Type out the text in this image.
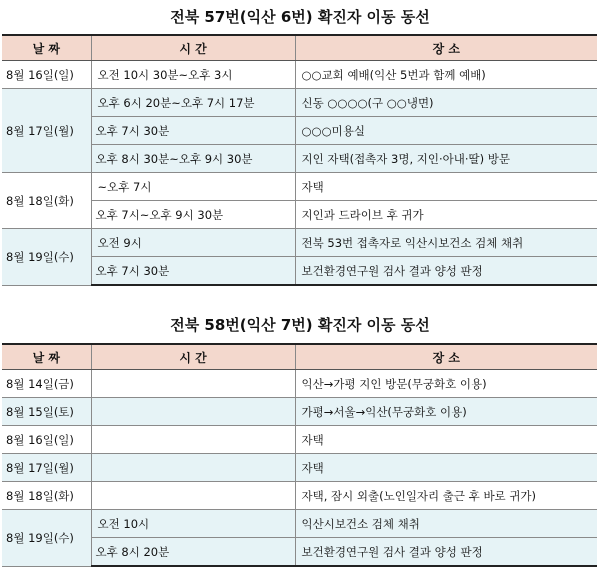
전북 57번(익산 6번) 확진자 이동 동선
날 짜	시 간	장 소
8월 16일(일)	오전 10시 30분~오후 3시	○○교회 예배(익산 5번과 함께 예배)
8월 17일(월)	오후 6시 20분~오후 7시 17분	신동 ○○○○(구 ○○냉면)
	오후 7시 30분	○○○미용실
	오후 8시 30분~오후 9시 30분	지인 자택(접촉자 3명, 지인·아내·딸) 방문
8월 18일(화)	~오후 7시	자택
	오후 7시~오후 9시 30분	지인과 드라이브 후 귀가
8월 19일(수)	오전 9시	전북 53번 접촉자로 익산시보건소 검체 채취
	오후 7시 30분	보건환경연구원 검사 결과 양성 판정
전북 58번(익산 7번) 확진자 이동 동선
날 짜	시 간	장 소
8월 14일(금)		익산→가평 지인 방문(무궁화호 이용)
8월 15일(토)		가평→서울→익산(무궁화호 이용)
8월 16일(일)		자택
8월 17일(월)		자택
8월 18일(화)		자택, 잠시 외출(노인일자리 출근 후 바로 귀가)
8월 19일(수)	오전 10시	익산시보건소 검체 채취
	오후 8시 20분	보건환경연구원 검사 결과 양성 판정
